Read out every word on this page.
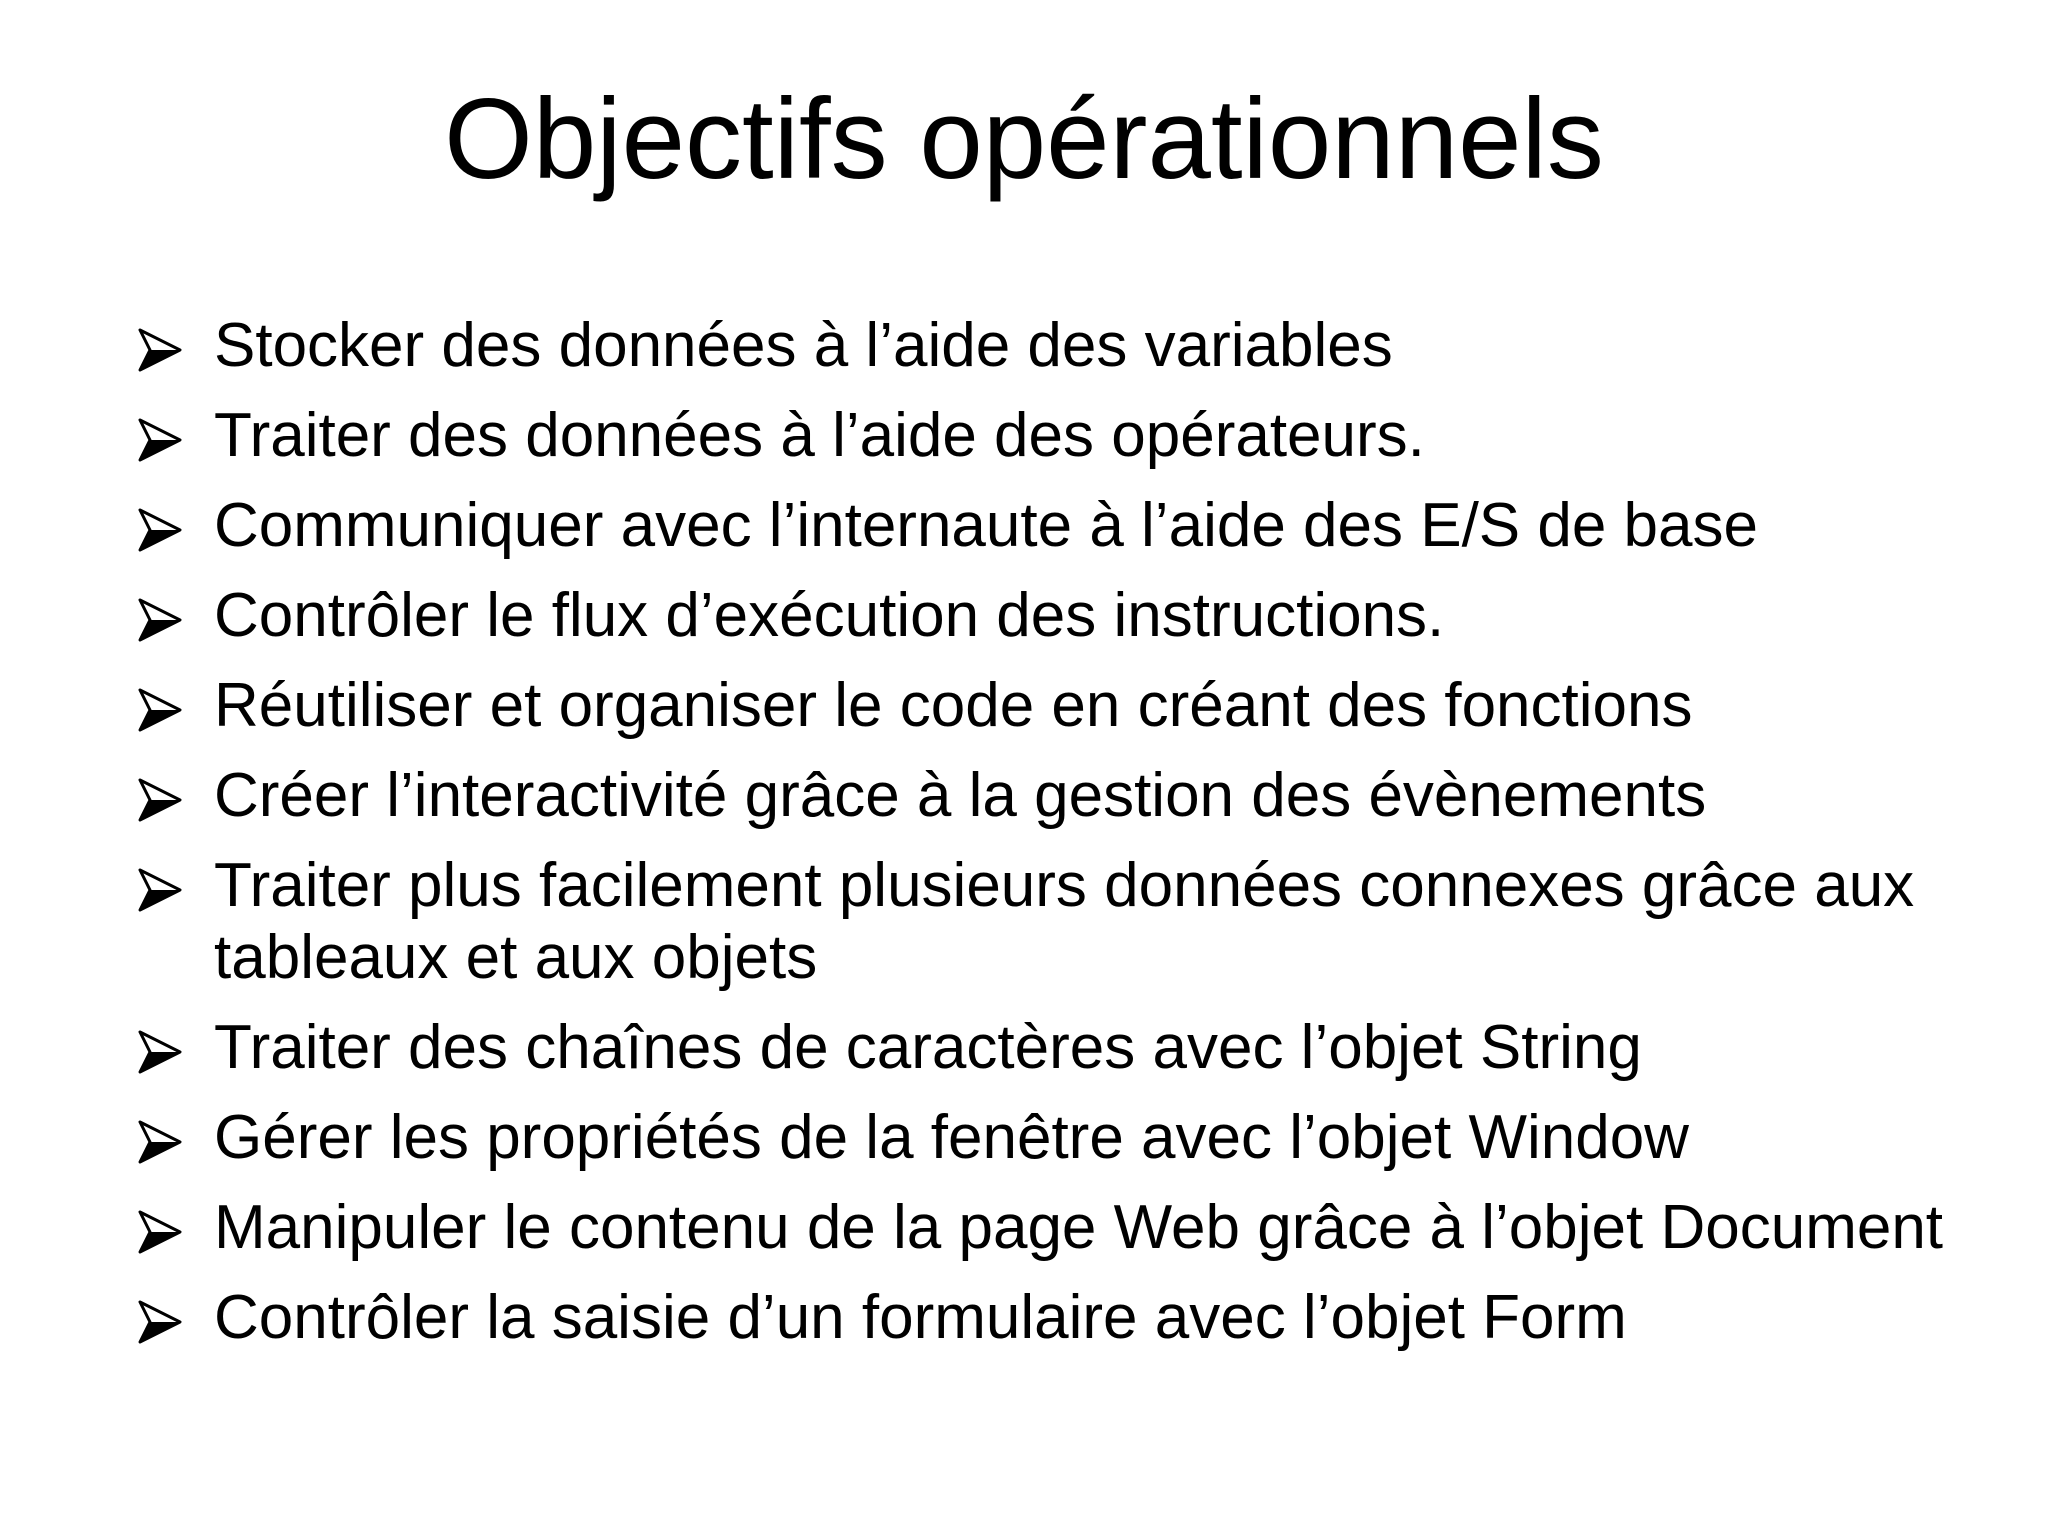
Objectifs opérationnels
Stocker des données à l’aide des variables
Traiter des données à l’aide des opérateurs.
Communiquer avec l’internaute à l’aide des E/S de base
Contrôler le flux d’exécution des instructions.
Réutiliser et organiser le code en créant des fonctions
Créer l’interactivité grâce à la gestion des évènements
Traiter plus facilement plusieurs données connexes grâce aux tableaux et aux objets
Traiter des chaînes de caractères avec l’objet String
Gérer les propriétés de la fenêtre avec l’objet Window
Manipuler le contenu de la page Web grâce à l’objet Document
Contrôler la saisie d’un formulaire avec l’objet Form
